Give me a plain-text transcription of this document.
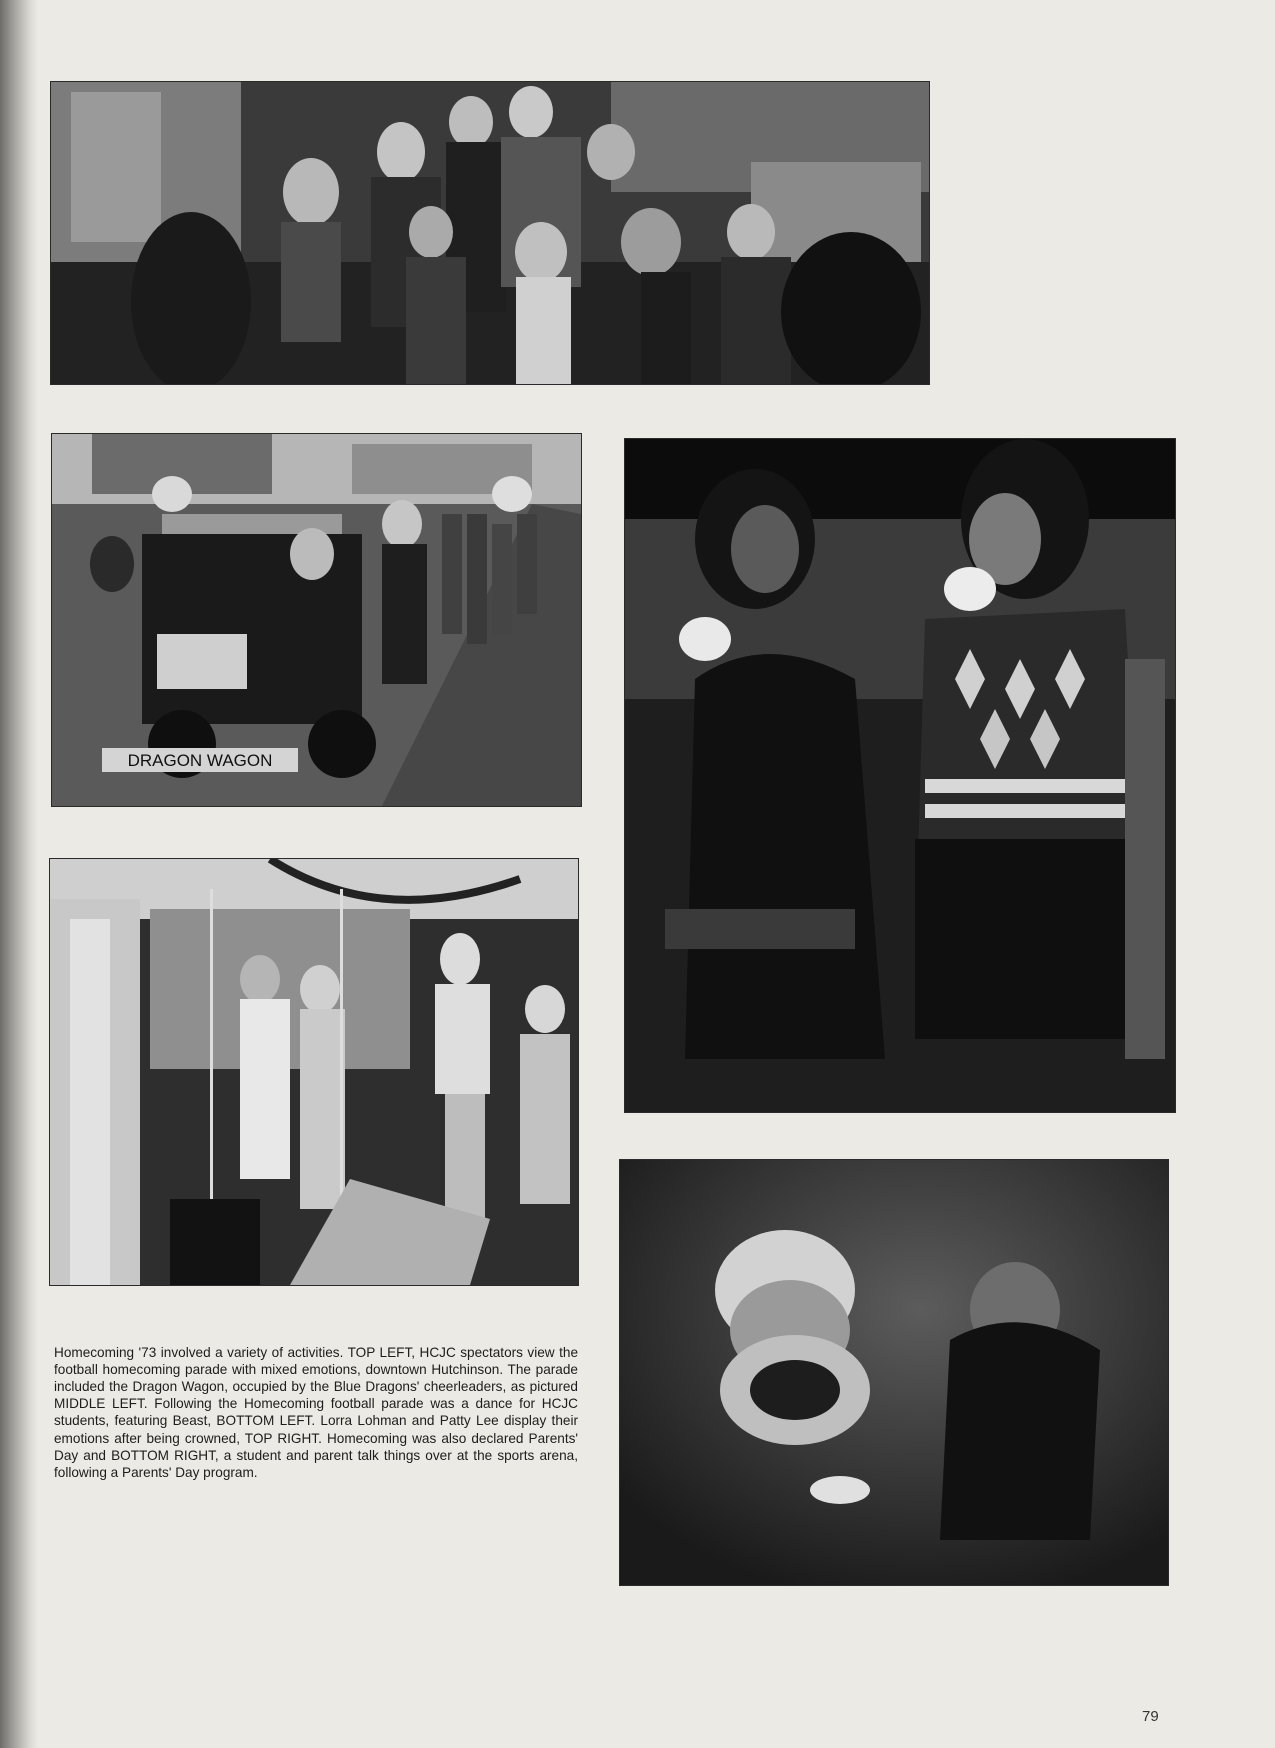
DRAGON WAGON

Homecoming '73 involved a variety of activities. TOP LEFT, HCJC spectators view the football homecoming parade with mixed emotions, downtown Hutchinson. The parade included the Dragon Wagon, occupied by the Blue Dragons' cheerleaders, as pictured MIDDLE LEFT. Following the Homecoming football parade was a dance for HCJC students, featuring Beast, BOTTOM LEFT. Lorra Lohman and Patty Lee display their emotions after being crowned, TOP RIGHT. Homecoming was also declared Parents' Day and BOTTOM RIGHT, a student and parent talk things over at the sports arena, following a Parents' Day program.

79
